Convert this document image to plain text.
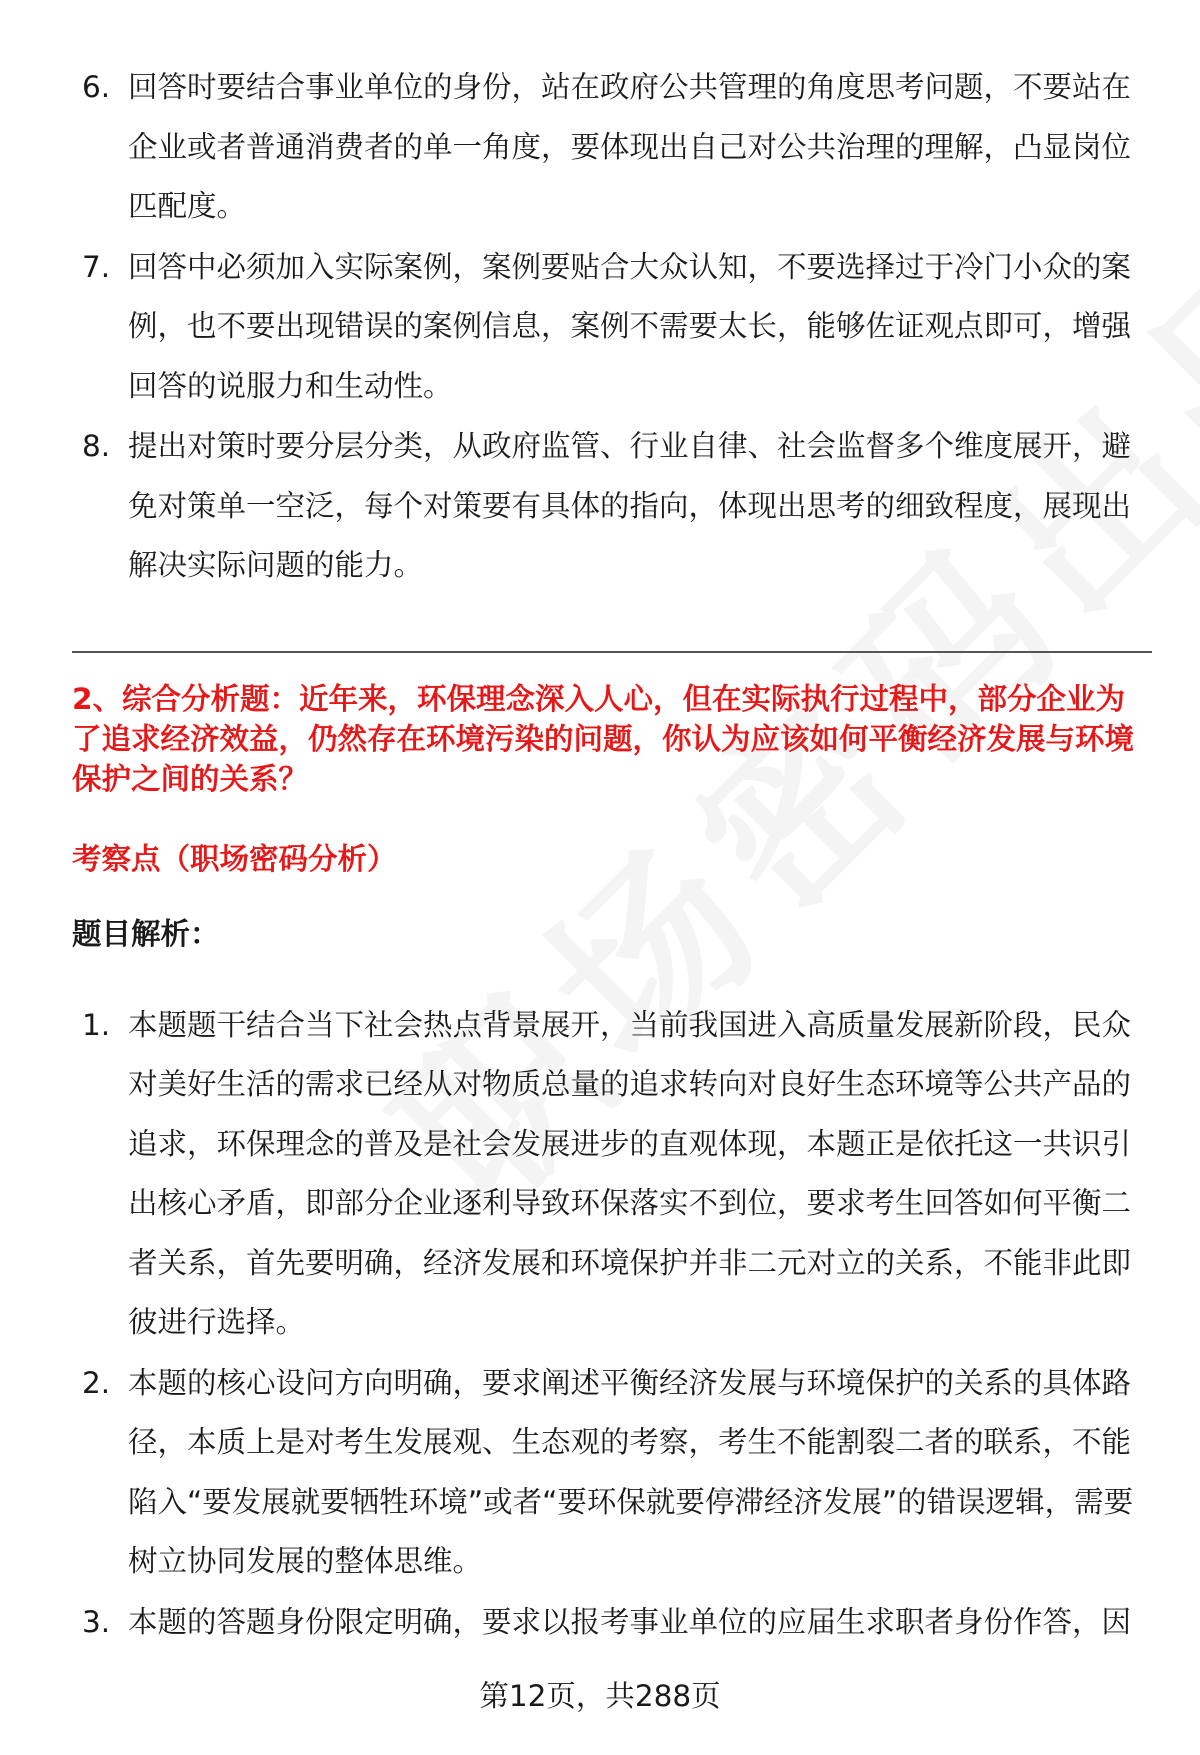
6. 回答时要结合事业单位的身份，站在政府公共管理的角度思考问题，不要站在企业或者普通消费者的单一角度，要体现出自己对公共治理的理解，凸显岗位匹配度。
7. 回答中必须加入实际案例，案例要贴合大众认知，不要选择过于冷门小众的案例，也不要出现错误的案例信息，案例不需要太长，能够佐证观点即可，增强回答的说服力和生动性。
8. 提出对策时要分层分类，从政府监管、行业自律、社会监督多个维度展开，避免对策单一空泛，每个对策要有具体的指向，体现出思考的细致程度，展现出解决实际问题的能力。
2、综合分析题：近年来，环保理念深入人心，但在实际执行过程中，部分企业为了追求经济效益，仍然存在环境污染的问题，你认为应该如何平衡经济发展与环境保护之间的关系？
考察点（职场密码分析）
题目解析：
1. 本题题干结合当下社会热点背景展开，当前我国进入高质量发展新阶段，民众对美好生活的需求已经从对物质总量的追求转向对良好生态环境等公共产品的追求，环保理念的普及是社会发展进步的直观体现，本题正是依托这一共识引出核心矛盾，即部分企业逐利导致环保落实不到位，要求考生回答如何平衡二者关系，首先要明确，经济发展和环境保护并非二元对立的关系，不能非此即彼进行选择。
2. 本题的核心设问方向明确，要求阐述平衡经济发展与环境保护的关系的具体路径，本质上是对考生发展观、生态观的考察，考生不能割裂二者的联系，不能陷入“要发展就要牺牲环境”或者“要环保就要停滞经济发展”的错误逻辑，需要树立协同发展的整体思维。
3. 本题的答题身份限定明确，要求以报考事业单位的应届生求职者身份作答，因
第12页，共288页
